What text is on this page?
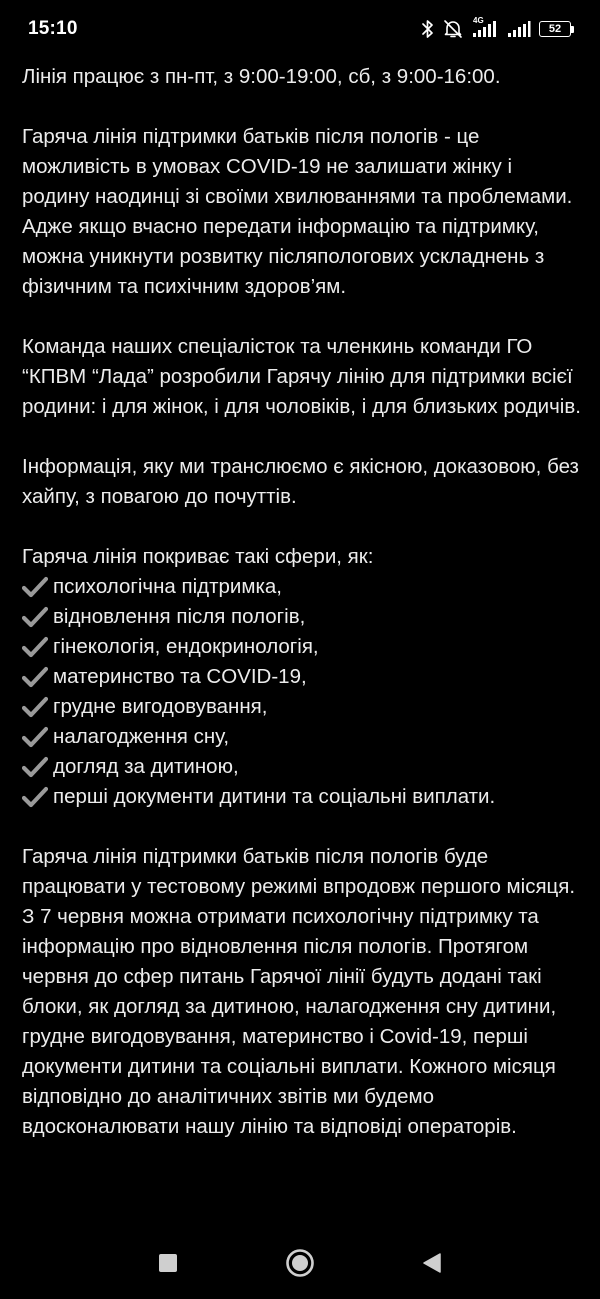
15:10	4G
52

Лінія працює з пн-пт, з 9:00-19:00, сб, з 9:00-16:00.

Гаряча лінія підтримки батьків після пологів - це можливість в умовах COVID-19 не залишати жінку і родину наодинці зі своїми хвилюваннями та проблемами. Адже якщо вчасно передати інформацію та підтримку, можна уникнути розвитку післяпологових ускладнень з фізичним та психічним здоров’ям.

Команда наших спеціалісток та членкинь команди ГО “КПВМ “Лада” розробили Гарячу лінію для підтримки всієї родини: і для жінок, і для чоловіків, і для близьких родичів.

Інформація, яку ми транслюємо є якісною, доказовою, без хайпу, з повагою до почуттів.

Гаряча лінія покриває такі сфери, як:
психологічна підтримка,
відновлення після пологів,
гінекологія, ендокринологія,
материнство та COVID-19,
грудне вигодовування,
налагодження сну,
догляд за дитиною,
перші документи дитини та соціальні виплати.

Гаряча лінія підтримки батьків після пологів буде працювати у тестовому режимі впродовж першого місяця. З 7 червня можна отримати психологічну підтримку та інформацію про відновлення після пологів. Протягом червня до сфер питань Гарячої лінії будуть додані такі блоки, як догляд за дитиною, налагодження сну дитини, грудне вигодовування, материнство і Covid-19, перші документи дитини та соціальні виплати. Кожного місяця відповідно до аналітичних звітів ми будемо вдосконалювати нашу лінію та відповіді операторів.
